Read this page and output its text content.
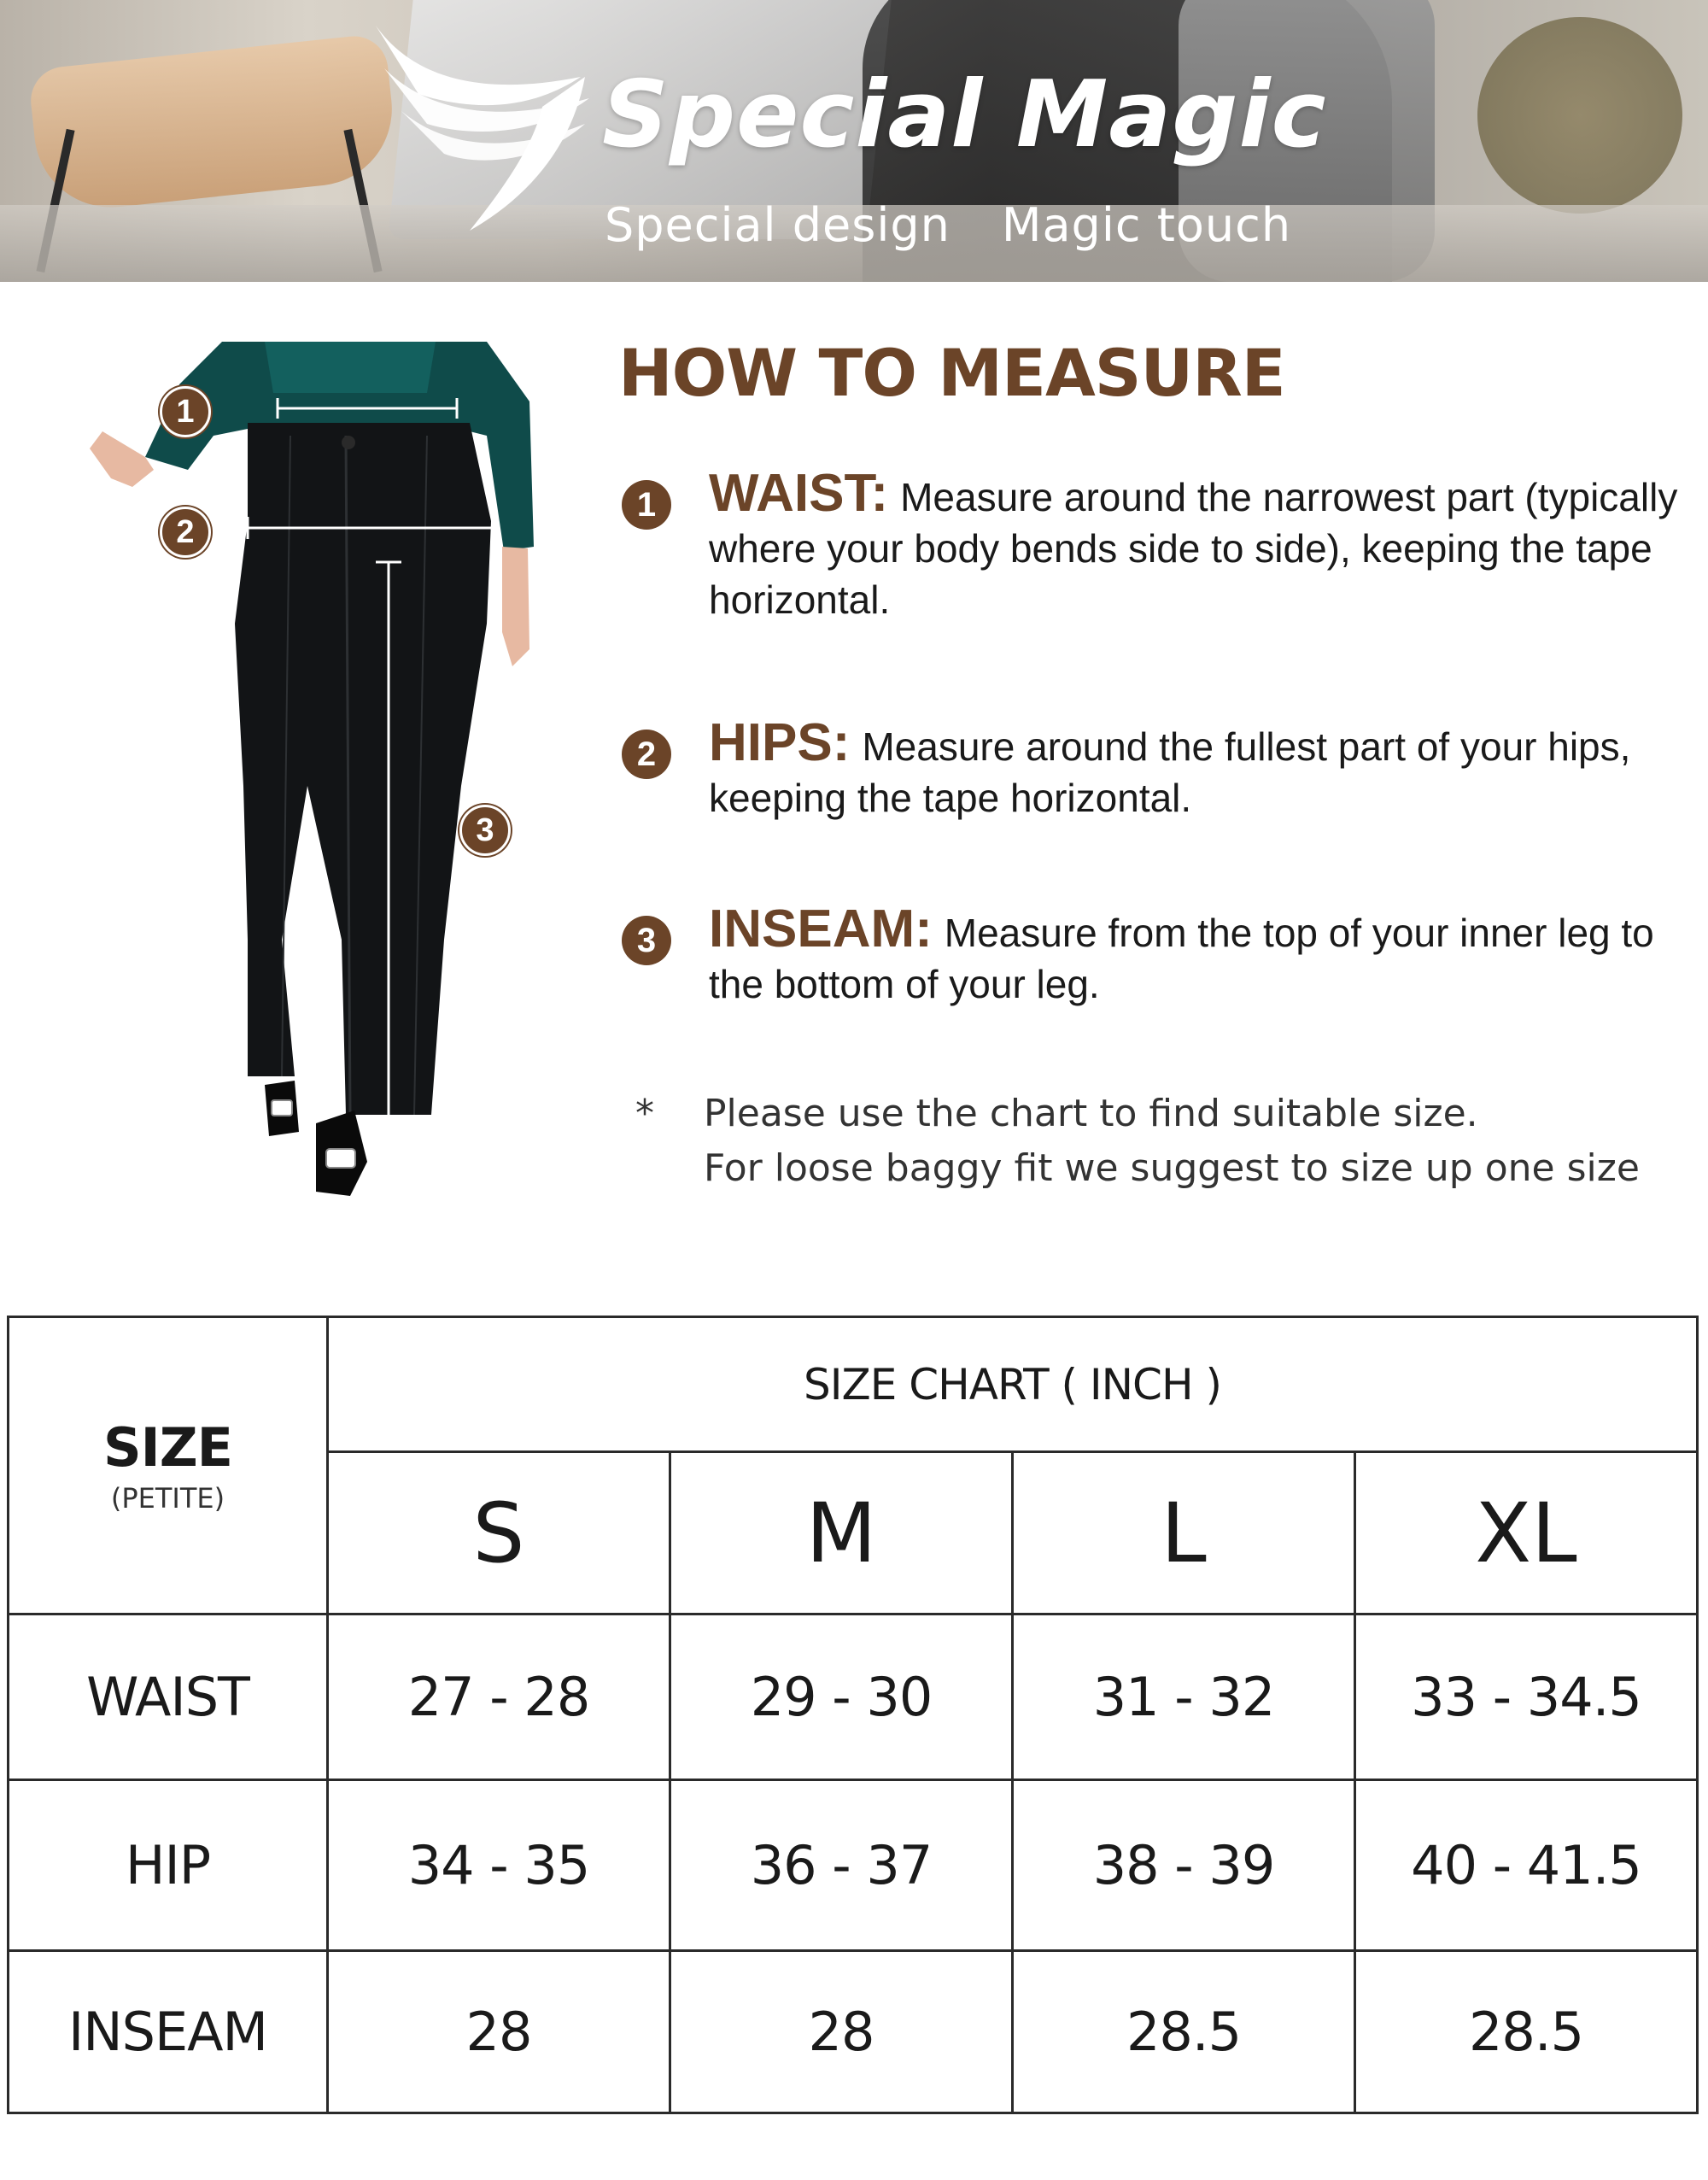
Special Magic
Special design Magic touch
1
2
3
HOW TO MEASURE
1 WAIST: Measure around the narrowest part (typically where your body bends side to side), keeping the tape horizontal.
2 HIPS: Measure around the fullest part of your hips, keeping the tape horizontal.
3 INSEAM: Measure from the top of your inner leg to the bottom of your leg.
* Please use the chart to find suitable size.
For loose baggy fit we suggest to size up one size
SIZE
(PETITE)	SIZE CHART ( INCH )			
	S	M	L	XL
WAIST	27 - 28	29 - 30	31 - 32	33 - 34.5
HIP	34 - 35	36 - 37	38 - 39	40 - 41.5
INSEAM	28	28	28.5	28.5
